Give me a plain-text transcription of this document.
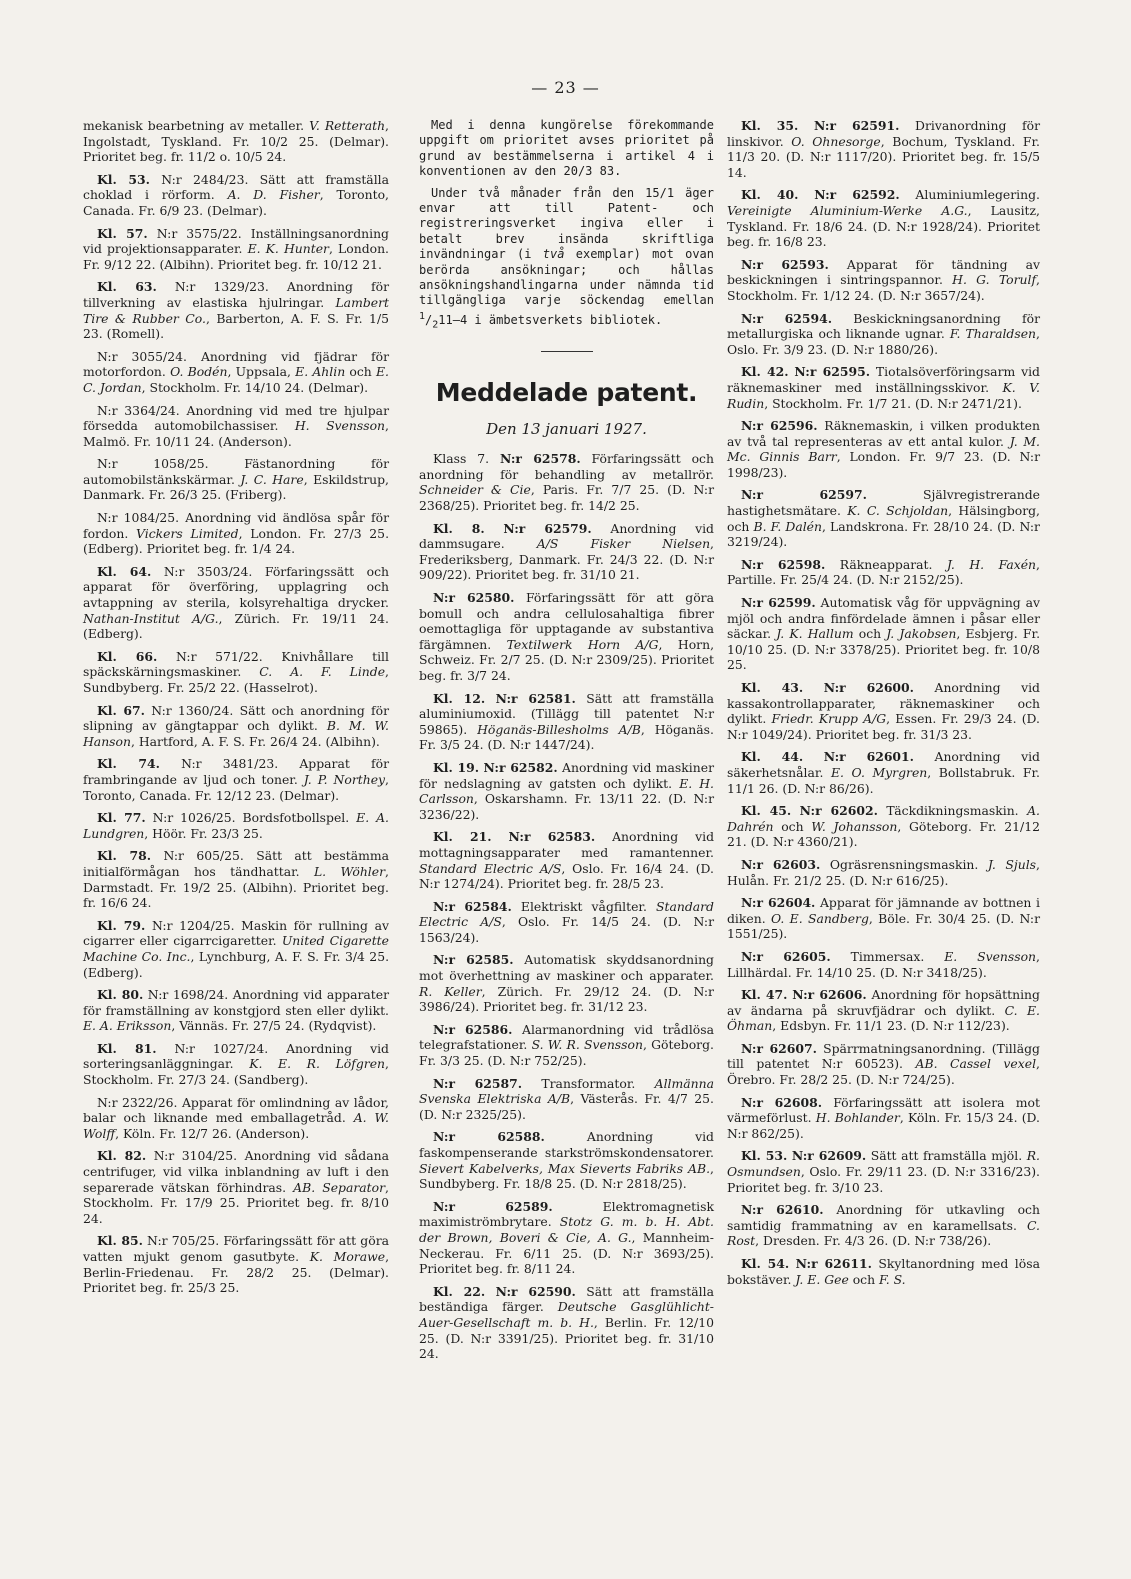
— 23 —

mekanisk bearbetning av metaller. V. Retterath, Ingolstadt, Tyskland. Fr. 10/2 25. (Delmar). Prioritet beg. fr. 11/2 o. 10/5 24.

Kl. 53. N:r 2484/23. Sätt att framställa choklad i rörform. A. D. Fisher, Toronto, Canada. Fr. 6/9 23. (Delmar).

Kl. 57. N:r 3575/22. Inställningsanordning vid projektionsapparater. E. K. Hunter, London. Fr. 9/12 22. (Albihn). Prioritet beg. fr. 10/12 21.

Kl. 63. N:r 1329/23. Anordning för tillverkning av elastiska hjulringar. Lambert Tire & Rubber Co., Barberton, A. F. S. Fr. 1/5 23. (Romell).

N:r 3055/24. Anordning vid fjädrar för motorfordon. O. Bodén, Uppsala, E. Ahlin och E. C. Jordan, Stockholm. Fr. 14/10 24. (Delmar).

N:r 3364/24. Anordning vid med tre hjulpar försedda automobilchassiser. H. Svensson, Malmö. Fr. 10/11 24. (Anderson).

N:r 1058/25. Fästanordning för automobilstänkskärmar. J. C. Hare, Eskildstrup, Danmark. Fr. 26/3 25. (Friberg).

N:r 1084/25. Anordning vid ändlösa spår för fordon. Vickers Limited, London. Fr. 27/3 25. (Edberg). Prioritet beg. fr. 1/4 24.

Kl. 64. N:r 3503/24. Förfaringssätt och apparat för överföring, upplagring och avtappning av sterila, kolsyrehaltiga drycker. Nathan-Institut A/G., Zürich. Fr. 19/11 24. (Edberg).

Kl. 66. N:r 571/22. Knivhållare till späckskärningsmaskiner. C. A. F. Linde, Sundbyberg. Fr. 25/2 22. (Hasselrot).

Kl. 67. N:r 1360/24. Sätt och anordning för slipning av gängtappar och dylikt. B. M. W. Hanson, Hartford, A. F. S. Fr. 26/4 24. (Albihn).

Kl. 74. N:r 3481/23. Apparat för frambringande av ljud och toner. J. P. Northey, Toronto, Canada. Fr. 12/12 23. (Delmar).

Kl. 77. N:r 1026/25. Bordsfotbollspel. E. A. Lundgren, Höör. Fr. 23/3 25.

Kl. 78. N:r 605/25. Sätt att bestämma initialförmågan hos tändhattar. L. Wöhler, Darmstadt. Fr. 19/2 25. (Albihn). Prioritet beg. fr. 16/6 24.

Kl. 79. N:r 1204/25. Maskin för rullning av cigarrer eller cigarrcigaretter. United Cigarette Machine Co. Inc., Lynchburg, A. F. S. Fr. 3/4 25. (Edberg).

Kl. 80. N:r 1698/24. Anordning vid apparater för framställning av konstgjord sten eller dylikt. E. A. Eriksson, Vännäs. Fr. 27/5 24. (Rydqvist).

Kl. 81. N:r 1027/24. Anordning vid sorteringsanläggningar. K. E. R. Löfgren, Stockholm. Fr. 27/3 24. (Sandberg).

N:r 2322/26. Apparat för omlindning av lådor, balar och liknande med emballagetråd. A. W. Wolff, Köln. Fr. 12/7 26. (Anderson).

Kl. 82. N:r 3104/25. Anordning vid sådana centrifuger, vid vilka inblandning av luft i den separerade vätskan förhindras. AB. Separator, Stockholm. Fr. 17/9 25. Prioritet beg. fr. 8/10 24.

Kl. 85. N:r 705/25. Förfaringssätt för att göra vatten mjukt genom gasutbyte. K. Morawe, Berlin-Friedenau. Fr. 28/2 25. (Delmar). Prioritet beg. fr. 25/3 25.

Med i denna kungörelse förekommande uppgift om prioritet avses prioritet på grund av bestämmelserna i artikel 4 i konventionen av den 20/3 83.

Under två månader från den 15/1 äger envar att till Patent- och registreringsverket ingiva eller i betalt brev insända skriftliga invändningar (i två exemplar) mot ovan berörda ansökningar; och hållas ansökningshandlingarna under nämnda tid tillgängliga varje söckendag emellan $^1/_211—4$ i ämbetsverkets bibliotek.

Meddelade patent.
Den 13 januari 1927.

Klass 7. N:r 62578. Förfaringssätt och anordning för behandling av metallrör. Schneider & Cie, Paris. Fr. 7/7 25. (D. N:r 2368/25). Prioritet beg. fr. 14/2 25.

Kl. 8. N:r 62579. Anordning vid dammsugare. A/S Fisker Nielsen, Frederiksberg, Danmark. Fr. 24/3 22. (D. N:r 909/22). Prioritet beg. fr. 31/10 21.

N:r 62580. Förfaringssätt för att göra bomull och andra cellulosahaltiga fibrer oemottagliga för upptagande av substantiva färgämnen. Textilwerk Horn A/G, Horn, Schweiz. Fr. 2/7 25. (D. N:r 2309/25). Prioritet beg. fr. 3/7 24.

Kl. 12. N:r 62581. Sätt att framställa aluminiumoxid. (Tillägg till patentet N:r 59865). Höganäs-Billesholms A/B, Höganäs. Fr. 3/5 24. (D. N:r 1447/24).

Kl. 19. N:r 62582. Anordning vid maskiner för nedslagning av gatsten och dylikt. E. H. Carlsson, Oskarshamn. Fr. 13/11 22. (D. N:r 3236/22).

Kl. 21. N:r 62583. Anordning vid mottagningsapparater med ramantenner. Standard Electric A/S, Oslo. Fr. 16/4 24. (D. N:r 1274/24). Prioritet beg. fr. 28/5 23.

N:r 62584. Elektriskt vågfilter. Standard Electric A/S, Oslo. Fr. 14/5 24. (D. N:r 1563/24).

N:r 62585. Automatisk skyddsanordning mot överhettning av maskiner och apparater. R. Keller, Zürich. Fr. 29/12 24. (D. N:r 3986/24). Prioritet beg. fr. 31/12 23.

N:r 62586. Alarmanordning vid trådlösa telegrafstationer. S. W. R. Svensson, Göteborg. Fr. 3/3 25. (D. N:r 752/25).

N:r 62587. Transformator. Allmänna Svenska Elektriska A/B, Västerås. Fr. 4/7 25. (D. N:r 2325/25).

N:r 62588. Anordning vid faskompenserande starkströmskondensatorer. Sievert Kabelverks, Max Sieverts Fabriks AB., Sundbyberg. Fr. 18/8 25. (D. N:r 2818/25).

N:r 62589. Elektromagnetisk maximiströmbrytare. Stotz G. m. b. H. Abt. der Brown, Boveri & Cie, A. G., Mannheim-Neckerau. Fr. 6/11 25. (D. N:r 3693/25). Prioritet beg. fr. 8/11 24.

Kl. 22. N:r 62590. Sätt att framställa beständiga färger. Deutsche Gasglühlicht-Auer-Gesellschaft m. b. H., Berlin. Fr. 12/10 25. (D. N:r 3391/25). Prioritet beg. fr. 31/10 24.

Kl. 35. N:r 62591. Drivanordning för linskivor. O. Ohnesorge, Bochum, Tyskland. Fr. 11/3 20. (D. N:r 1117/20). Prioritet beg. fr. 15/5 14.

Kl. 40. N:r 62592. Aluminiumlegering. Vereinigte Aluminium-Werke A.G., Lausitz, Tyskland. Fr. 18/6 24. (D. N:r 1928/24). Prioritet beg. fr. 16/8 23.

N:r 62593. Apparat för tändning av beskickningen i sintringspannor. H. G. Torulf, Stockholm. Fr. 1/12 24. (D. N:r 3657/24).

N:r 62594. Beskickningsanordning för metallurgiska och liknande ugnar. F. Tharaldsen, Oslo. Fr. 3/9 23. (D. N:r 1880/26).

Kl. 42. N:r 62595. Tiotalsöverföringsarm vid räknemaskiner med inställningsskivor. K. V. Rudin, Stockholm. Fr. 1/7 21. (D. N:r 2471/21).

N:r 62596. Räknemaskin, i vilken produkten av två tal representeras av ett antal kulor. J. M. Mc. Ginnis Barr, London. Fr. 9/7 23. (D. N:r 1998/23).

N:r 62597. Självregistrerande hastighetsmätare. K. C. Schjoldan, Hälsingborg, och B. F. Dalén, Landskrona. Fr. 28/10 24. (D. N:r 3219/24).

N:r 62598. Räkneapparat. J. H. Faxén, Partille. Fr. 25/4 24. (D. N:r 2152/25).

N:r 62599. Automatisk våg för uppvägning av mjöl och andra finfördelade ämnen i påsar eller säckar. J. K. Hallum och J. Jakobsen, Esbjerg. Fr. 10/10 25. (D. N:r 3378/25). Prioritet beg. fr. 10/8 25.

Kl. 43. N:r 62600. Anordning vid kassakontrollapparater, räknemaskiner och dylikt. Friedr. Krupp A/G, Essen. Fr. 29/3 24. (D. N:r 1049/24). Prioritet beg. fr. 31/3 23.

Kl. 44. N:r 62601. Anordning vid säkerhetsnålar. E. O. Myrgren, Bollstabruk. Fr. 11/1 26. (D. N:r 86/26).

Kl. 45. N:r 62602. Täckdikningsmaskin. A. Dahrén och W. Johansson, Göteborg. Fr. 21/12 21. (D. N:r 4360/21).

N:r 62603. Ogräsrensningsmaskin. J. Sjuls, Hulån. Fr. 21/2 25. (D. N:r 616/25).

N:r 62604. Apparat för jämnande av bottnen i diken. O. E. Sandberg, Böle. Fr. 30/4 25. (D. N:r 1551/25).

N:r 62605. Timmersax. E. Svensson, Lillhärdal. Fr. 14/10 25. (D. N:r 3418/25).

Kl. 47. N:r 62606. Anordning för hopsättning av ändarna på skruvfjädrar och dylikt. C. E. Öhman, Edsbyn. Fr. 11/1 23. (D. N:r 112/23).

N:r 62607. Spärrmatningsanordning. (Tillägg till patentet N:r 60523). AB. Cassel vexel, Örebro. Fr. 28/2 25. (D. N:r 724/25).

N:r 62608. Förfaringssätt att isolera mot värmeförlust. H. Bohlander, Köln. Fr. 15/3 24. (D. N:r 862/25).

Kl. 53. N:r 62609. Sätt att framställa mjöl. R. Osmundsen, Oslo. Fr. 29/11 23. (D. N:r 3316/23). Prioritet beg. fr. 3/10 23.

N:r 62610. Anordning för utkavling och samtidig frammatning av en karamellsats. C. Rost, Dresden. Fr. 4/3 26. (D. N:r 738/26).

Kl. 54. N:r 62611. Skyltanordning med lösa bokstäver. J. E. Gee och F. S.
